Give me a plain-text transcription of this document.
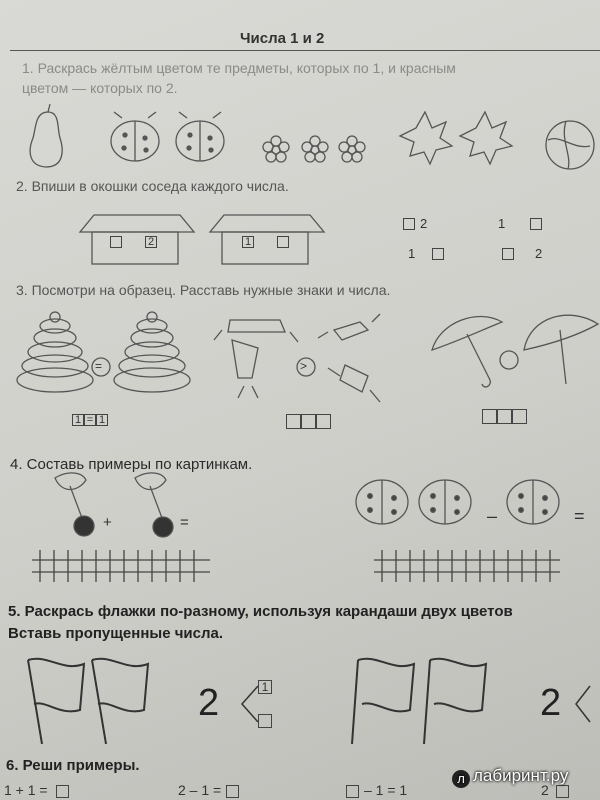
Числа 1 и 2
1. Раскрась жёлтым цветом те предметы, которых по 1, и красным
цветом — которых по 2.
2. Впиши в окошки соседа каждого числа.
3. Посмотри на образец. Расставь нужные знаки и числа.
4. Составь примеры по картинкам.
5. Раскрась флажки по-разному, используя карандаши двух цветов
Вставь пропущенные числа.
6. Реши примеры.
2	1
2	1
1	2
=	>
1 = 1
+	=	–	=
2	1	2
1 + 1 =	2 – 1 =	– 1 = 1	2
л лабиринт.ру
